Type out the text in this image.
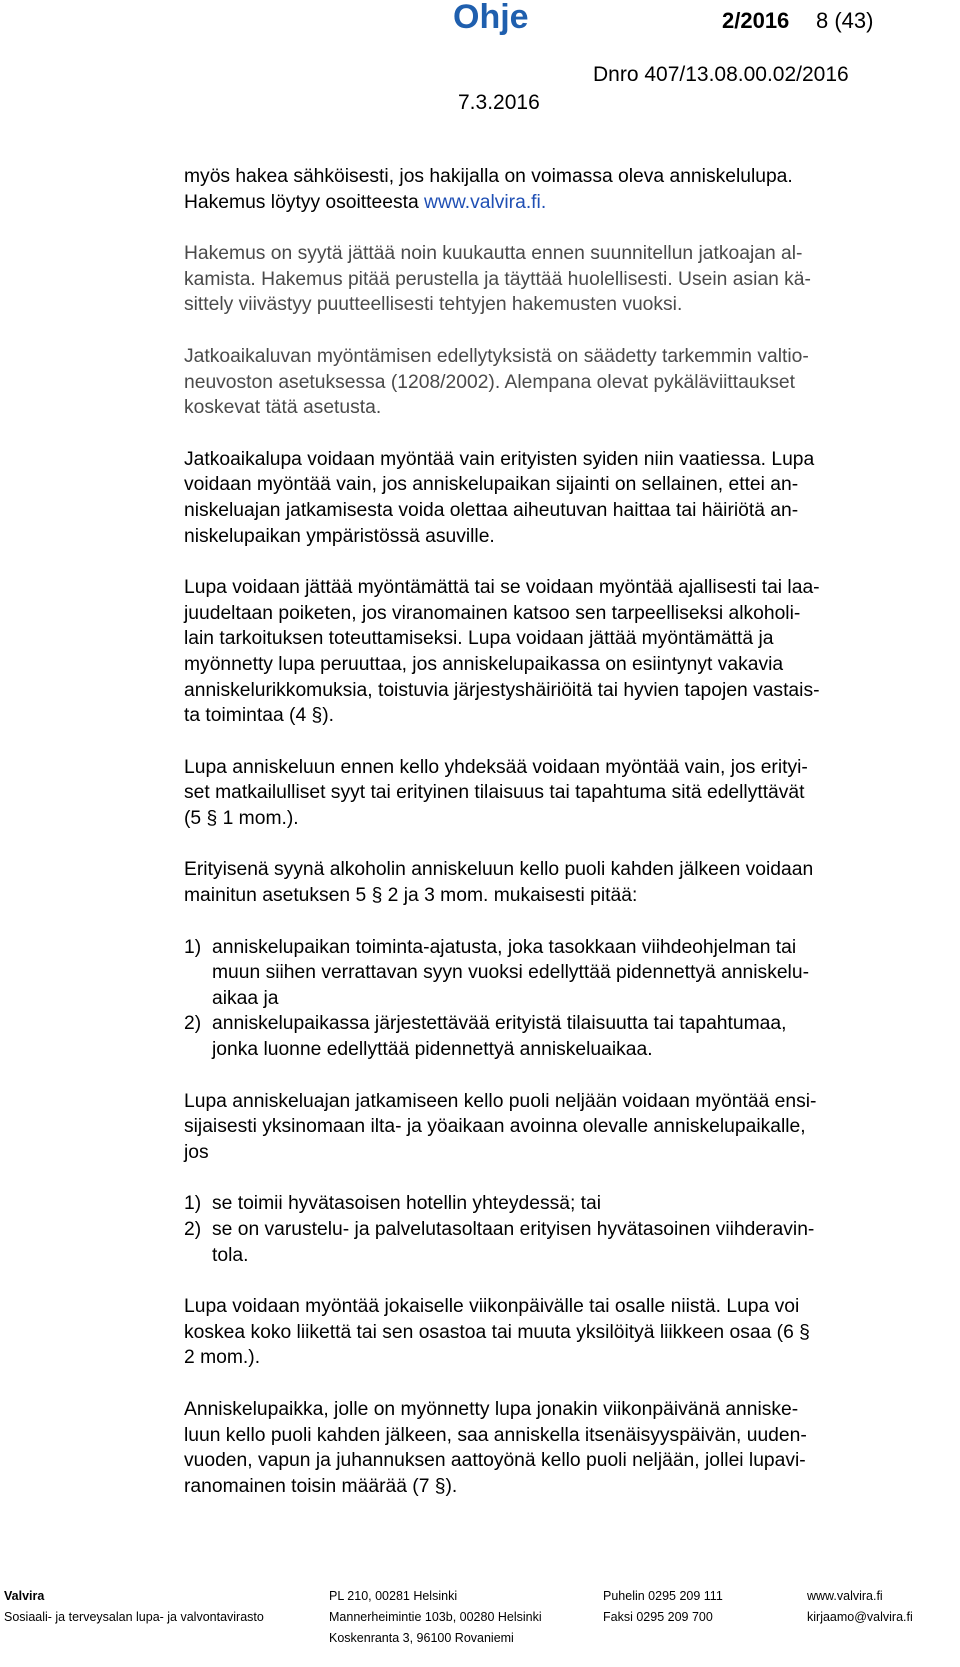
Ohje	2/2016 8 (43)
Dnro 407/13.08.00.02/2016
7.3.2016

myös hakea sähköisesti, jos hakijalla on voimassa oleva anniskelulupa.
Hakemus löytyy osoitteesta www.valvira.fi.

Hakemus on syytä jättää noin kuukautta ennen suunnitellun jatkoajan al-
kamista. Hakemus pitää perustella ja täyttää huolellisesti. Usein asian kä-
sittely viivästyy puutteellisesti tehtyjen hakemusten vuoksi.

Jatkoaikaluvan myöntämisen edellytyksistä on säädetty tarkemmin valtio-
neuvoston asetuksessa (1208/2002). Alempana olevat pykäläviittaukset
koskevat tätä asetusta.

Jatkoaikalupa voidaan myöntää vain erityisten syiden niin vaatiessa. Lupa
voidaan myöntää vain, jos anniskelupaikan sijainti on sellainen, ettei an-
niskeluajan jatkamisesta voida olettaa aiheutuvan haittaa tai häiriötä an-
niskelupaikan ympäristössä asuville.

Lupa voidaan jättää myöntämättä tai se voidaan myöntää ajallisesti tai laa-
juudeltaan poiketen, jos viranomainen katsoo sen tarpeelliseksi alkoholi-
lain tarkoituksen toteuttamiseksi. Lupa voidaan jättää myöntämättä ja
myönnetty lupa peruuttaa, jos anniskelupaikassa on esiintynyt vakavia
anniskelurikkomuksia, toistuvia järjestyshäiriöitä tai hyvien tapojen vastais-
ta toimintaa (4 §).

Lupa anniskeluun ennen kello yhdeksää voidaan myöntää vain, jos erityi-
set matkailulliset syyt tai erityinen tilaisuus tai tapahtuma sitä edellyttävät
(5 § 1 mom.).

Erityisenä syynä alkoholin anniskeluun kello puoli kahden jälkeen voidaan
mainitun asetuksen 5 § 2 ja 3 mom. mukaisesti pitää:

1) anniskelupaikan toiminta-ajatusta, joka tasokkaan viihdeohjelman tai
muun siihen verrattavan syyn vuoksi edellyttää pidennettyä anniskelu-
aikaa ja
2) anniskelupaikassa järjestettävää erityistä tilaisuutta tai tapahtumaa,
jonka luonne edellyttää pidennettyä anniskeluaikaa.

Lupa anniskeluajan jatkamiseen kello puoli neljään voidaan myöntää ensi-
sijaisesti yksinomaan ilta- ja yöaikaan avoinna olevalle anniskelupaikalle,
jos

1) se toimii hyvätasoisen hotellin yhteydessä; tai
2) se on varustelu- ja palvelutasoltaan erityisen hyvätasoinen viihderavin-
tola.

Lupa voidaan myöntää jokaiselle viikonpäivälle tai osalle niistä. Lupa voi
koskea koko liikettä tai sen osastoa tai muuta yksilöityä liikkeen osaa (6 §
2 mom.).

Anniskelupaikka, jolle on myönnetty lupa jonakin viikonpäivänä anniske-
luun kello puoli kahden jälkeen, saa anniskella itsenäisyyspäivän, uuden-
vuoden, vapun ja juhannuksen aattoyönä kello puoli neljään, jollei lupavi-
ranomainen toisin määrää (7 §).

Valvira
Sosiaali- ja terveysalan lupa- ja valvontavirasto
PL 210, 00281 Helsinki
Mannerheimintie 103b, 00280 Helsinki
Koskenranta 3, 96100 Rovaniemi
Puhelin 0295 209 111
Faksi 0295 209 700
www.valvira.fi
kirjaamo@valvira.fi
